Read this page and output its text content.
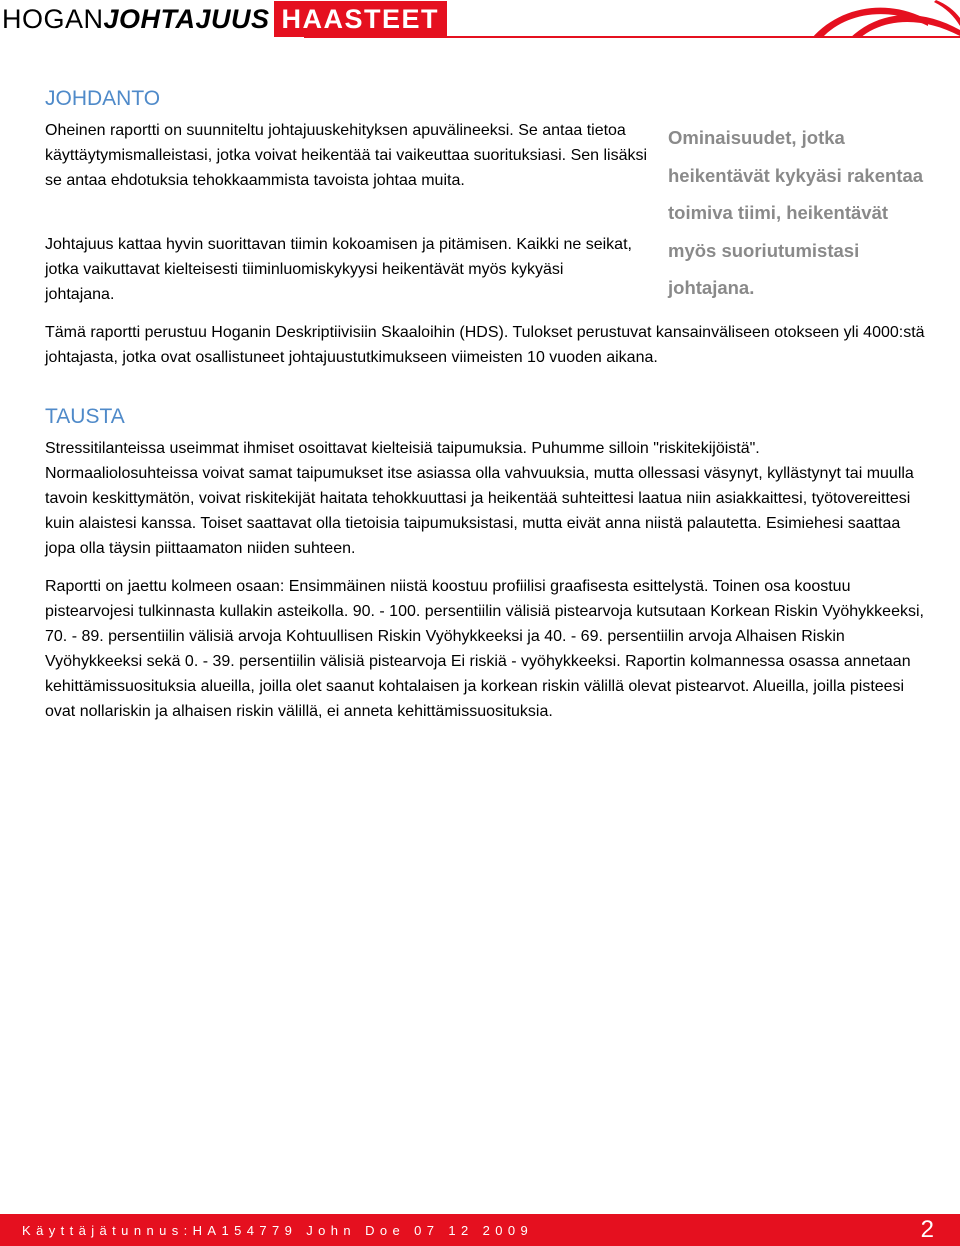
HOGAN JOHTAJUUS HAASTEET
JOHDANTO

Oheinen raportti on suunniteltu johtajuuskehityksen apuvälineeksi. Se antaa tietoa käyttäytymismalleistasi, jotka voivat heikentää tai vaikeuttaa suorituksiasi. Sen lisäksi se antaa ehdotuksia tehokkaammista tavoista johtaa muita.

Johtajuus kattaa hyvin suorittavan tiimin kokoamisen ja pitämisen. Kaikki ne seikat, jotka vaikuttavat kielteisesti tiiminluomiskykyysi heikentävät myös kykyäsi johtajana.

Ominaisuudet, jotka heikentävät kykyäsi rakentaa toimiva tiimi, heikentävät myös suoriutumistasi johtajana.

Tämä raportti perustuu Hoganin Deskriptiivisiin Skaaloihin (HDS). Tulokset perustuvat kansainväliseen otokseen yli 4000:stä johtajasta, jotka ovat osallistuneet johtajuustutkimukseen viimeisten 10 vuoden aikana.

TAUSTA

Stressitilanteissa useimmat ihmiset osoittavat kielteisiä taipumuksia. Puhumme silloin "riskitekijöistä". Normaaliolosuhteissa voivat samat taipumukset itse asiassa olla vahvuuksia, mutta ollessasi väsynyt, kyllästynyt tai muulla tavoin keskittymätön, voivat riskitekijät haitata tehokkuuttasi ja heikentää suhteittesi laatua niin asiakkaittesi, työtovereittesi kuin alaistesi kanssa. Toiset saattavat olla tietoisia taipumuksistasi, mutta eivät anna niistä palautetta. Esimiehesi saattaa jopa olla täysin piittaamaton niiden suhteen.

Raportti on jaettu kolmeen osaan: Ensimmäinen niistä koostuu profiilisi graafisesta esittelystä. Toinen osa koostuu pistearvojesi tulkinnasta kullakin asteikolla. 90. - 100. persentiilin välisiä pistearvoja kutsutaan Korkean Riskin Vyöhykkeeksi, 70. - 89. persentiilin välisiä arvoja Kohtuullisen Riskin Vyöhykkeeksi ja 40. - 69. persentiilin arvoja Alhaisen Riskin Vyöhykkeeksi sekä 0. - 39. persentiilin välisiä pistearvoja Ei riskiä - vyöhykkeeksi. Raportin kolmannessa osassa annetaan kehittämissuosituksia alueilla, joilla olet saanut kohtalaisen ja korkean riskin välillä olevat pistearvot. Alueilla, joilla pisteesi ovat nollariskin ja alhaisen riskin välillä, ei anneta kehittämissuosituksia.

Käyttäjätunnus:HA154779 John Doe 07 12 2009	2
